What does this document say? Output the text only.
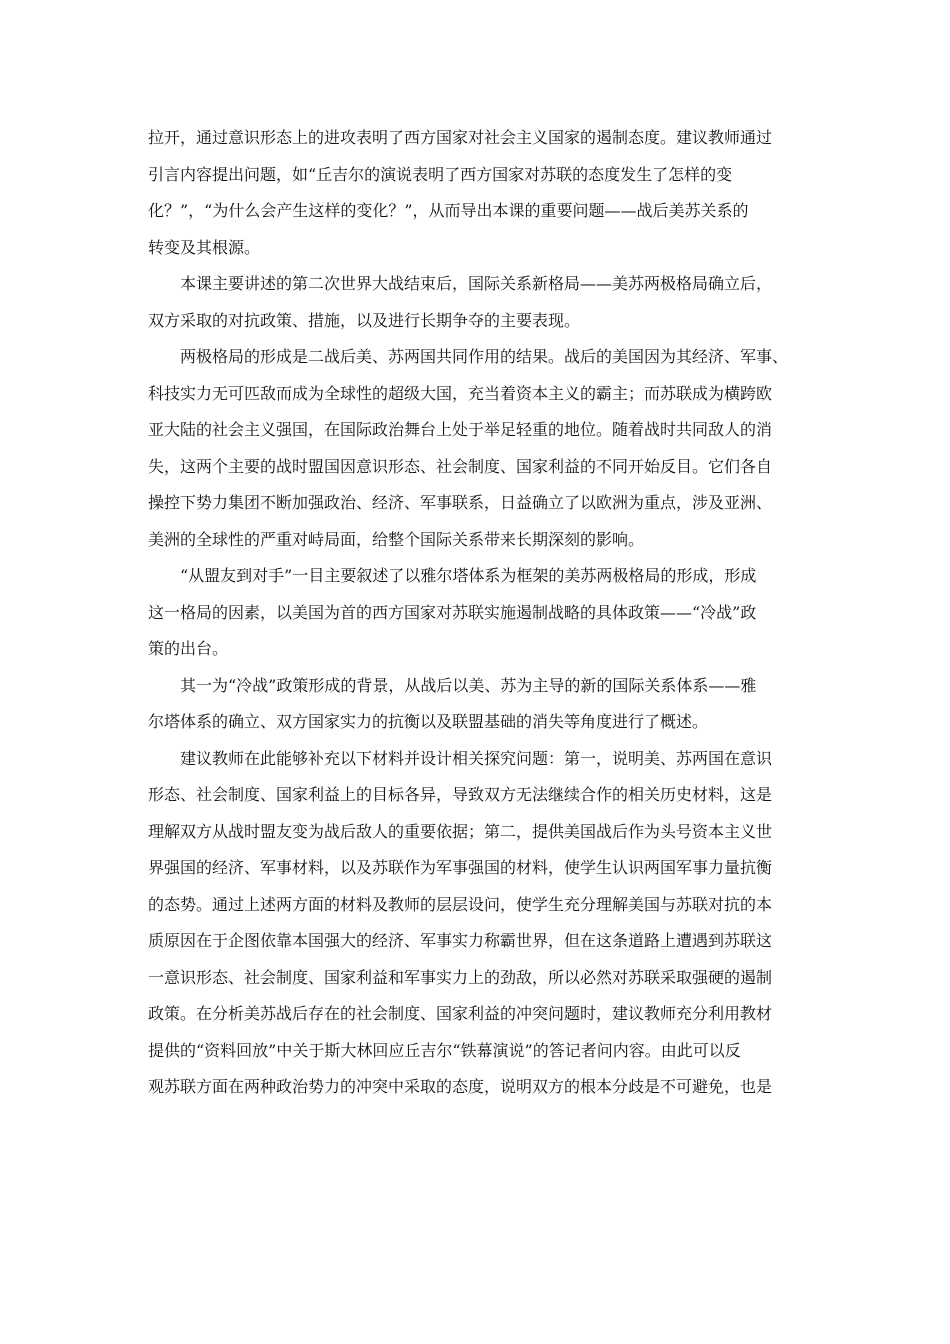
拉开，通过意识形态上的进攻表明了西方国家对社会主义国家的遏制态度。建议教师通过
引言内容提出问题，如“丘吉尔的演说表明了西方国家对苏联的态度发生了怎样的变
化？”，“为什么会产生这样的变化？”，从而导出本课的重要问题——战后美苏关系的
转变及其根源。
　　本课主要讲述的第二次世界大战结束后，国际关系新格局——美苏两极格局确立后，
双方采取的对抗政策、措施，以及进行长期争夺的主要表现。
　　两极格局的形成是二战后美、苏两国共同作用的结果。战后的美国因为其经济、军事、
科技实力无可匹敌而成为全球性的超级大国，充当着资本主义的霸主；而苏联成为横跨欧
亚大陆的社会主义强国，在国际政治舞台上处于举足轻重的地位。随着战时共同敌人的消
失，这两个主要的战时盟国因意识形态、社会制度、国家利益的不同开始反目。它们各自
操控下势力集团不断加强政治、经济、军事联系，日益确立了以欧洲为重点，涉及亚洲、
美洲的全球性的严重对峙局面，给整个国际关系带来长期深刻的影响。
　　“从盟友到对手”一目主要叙述了以雅尔塔体系为框架的美苏两极格局的形成，形成
这一格局的因素，以美国为首的西方国家对苏联实施遏制战略的具体政策——“冷战”政
策的出台。
　　其一为“冷战”政策形成的背景，从战后以美、苏为主导的新的国际关系体系——雅
尔塔体系的确立、双方国家实力的抗衡以及联盟基础的消失等角度进行了概述。
　　建议教师在此能够补充以下材料并设计相关探究问题：第一，说明美、苏两国在意识
形态、社会制度、国家利益上的目标各异，导致双方无法继续合作的相关历史材料，这是
理解双方从战时盟友变为战后敌人的重要依据；第二，提供美国战后作为头号资本主义世
界强国的经济、军事材料，以及苏联作为军事强国的材料，使学生认识两国军事力量抗衡
的态势。通过上述两方面的材料及教师的层层设问，使学生充分理解美国与苏联对抗的本
质原因在于企图依靠本国强大的经济、军事实力称霸世界，但在这条道路上遭遇到苏联这
一意识形态、社会制度、国家利益和军事实力上的劲敌，所以必然对苏联采取强硬的遏制
政策。在分析美苏战后存在的社会制度、国家利益的冲突问题时，建议教师充分利用教材
提供的“资料回放”中关于斯大林回应丘吉尔“铁幕演说”的答记者问内容。由此可以反
观苏联方面在两种政治势力的冲突中采取的态度，说明双方的根本分歧是不可避免，也是
